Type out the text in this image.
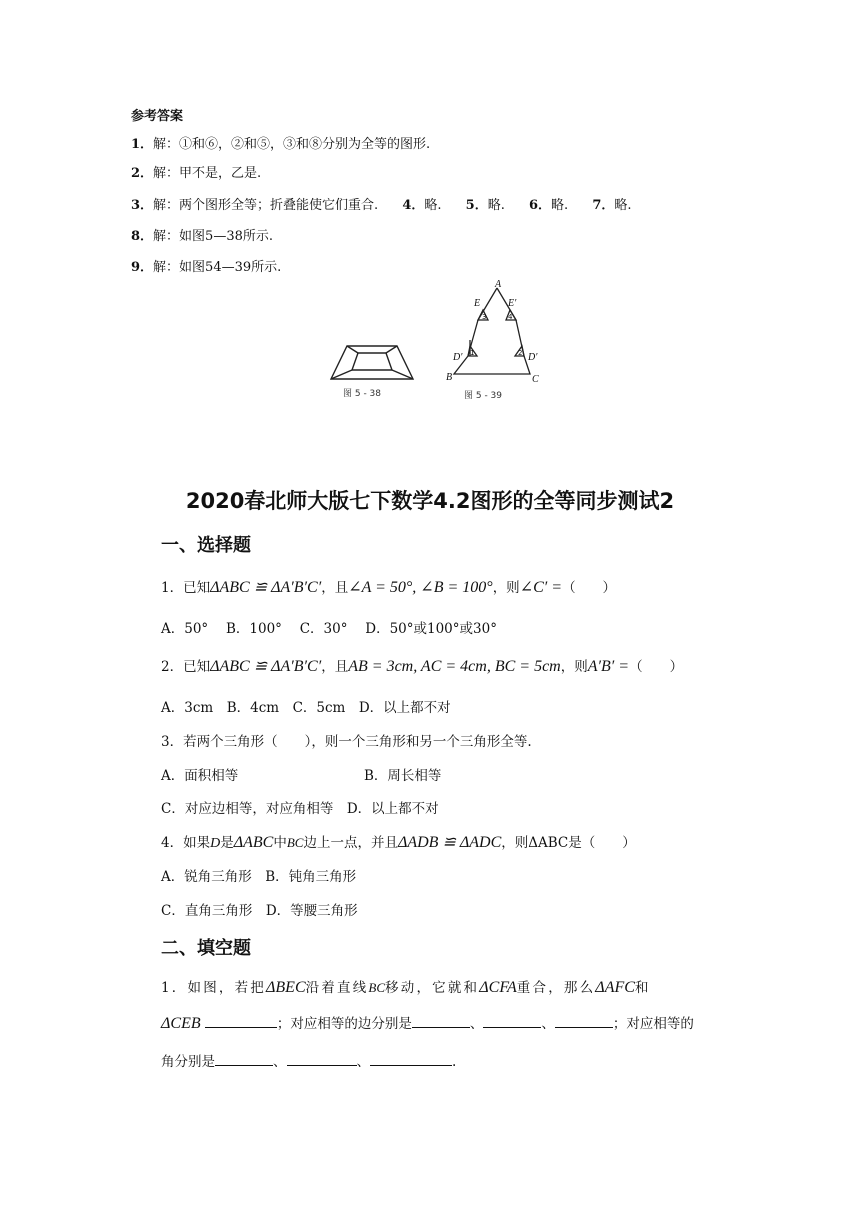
参考答案
1．解：①和⑥，②和⑤，③和⑧分别为全等的图形.
2．解：甲不是，乙是.
3．解：两个图形全等；折叠能使它们重合. 4．略. 5．略. 6．略. 7．略.
8．解：如图5—38所示.
9．解：如图54—39所示.
图 5 - 38
A
E	E′
D′	D′
B	C
1	2
3	4
图 5 - 39
2020春北师大版七下数学4.2图形的全等同步测试2
一、选择题
1．已知ΔABC ≌ ΔA′B′C′，且∠A = 50°, ∠B = 100°，则∠C′ =（　　）
A．50°　 B．100°　 C．30°　 D．50°或100°或30°
2．已知ΔABC ≌ ΔA′B′C′，且AB = 3cm, AC = 4cm, BC = 5cm，则A′B′ =（　　）
A．3cm　B．4cm　C．5cm　D．以上都不对
3．若两个三角形（　　），则一个三角形和另一个三角形全等.
A．面积相等	B．周长相等
C．对应边相等，对应角相等　D．以上都不对
4．如果D是ΔABC中BC边上一点，并且ΔADB ≌ ΔADC，则ΔABC是（　　）
A．锐角三角形　B．钝角三角形
C．直角三角形　D．等腰三角形
二、填空题
1．如图，若把ΔBEC沿着直线BC移动，它就和ΔCFA重合，那么ΔAFC和
ΔCEB	；对应相等的边分别是	、	、	；对应相等的
角分别是	、	、	.
